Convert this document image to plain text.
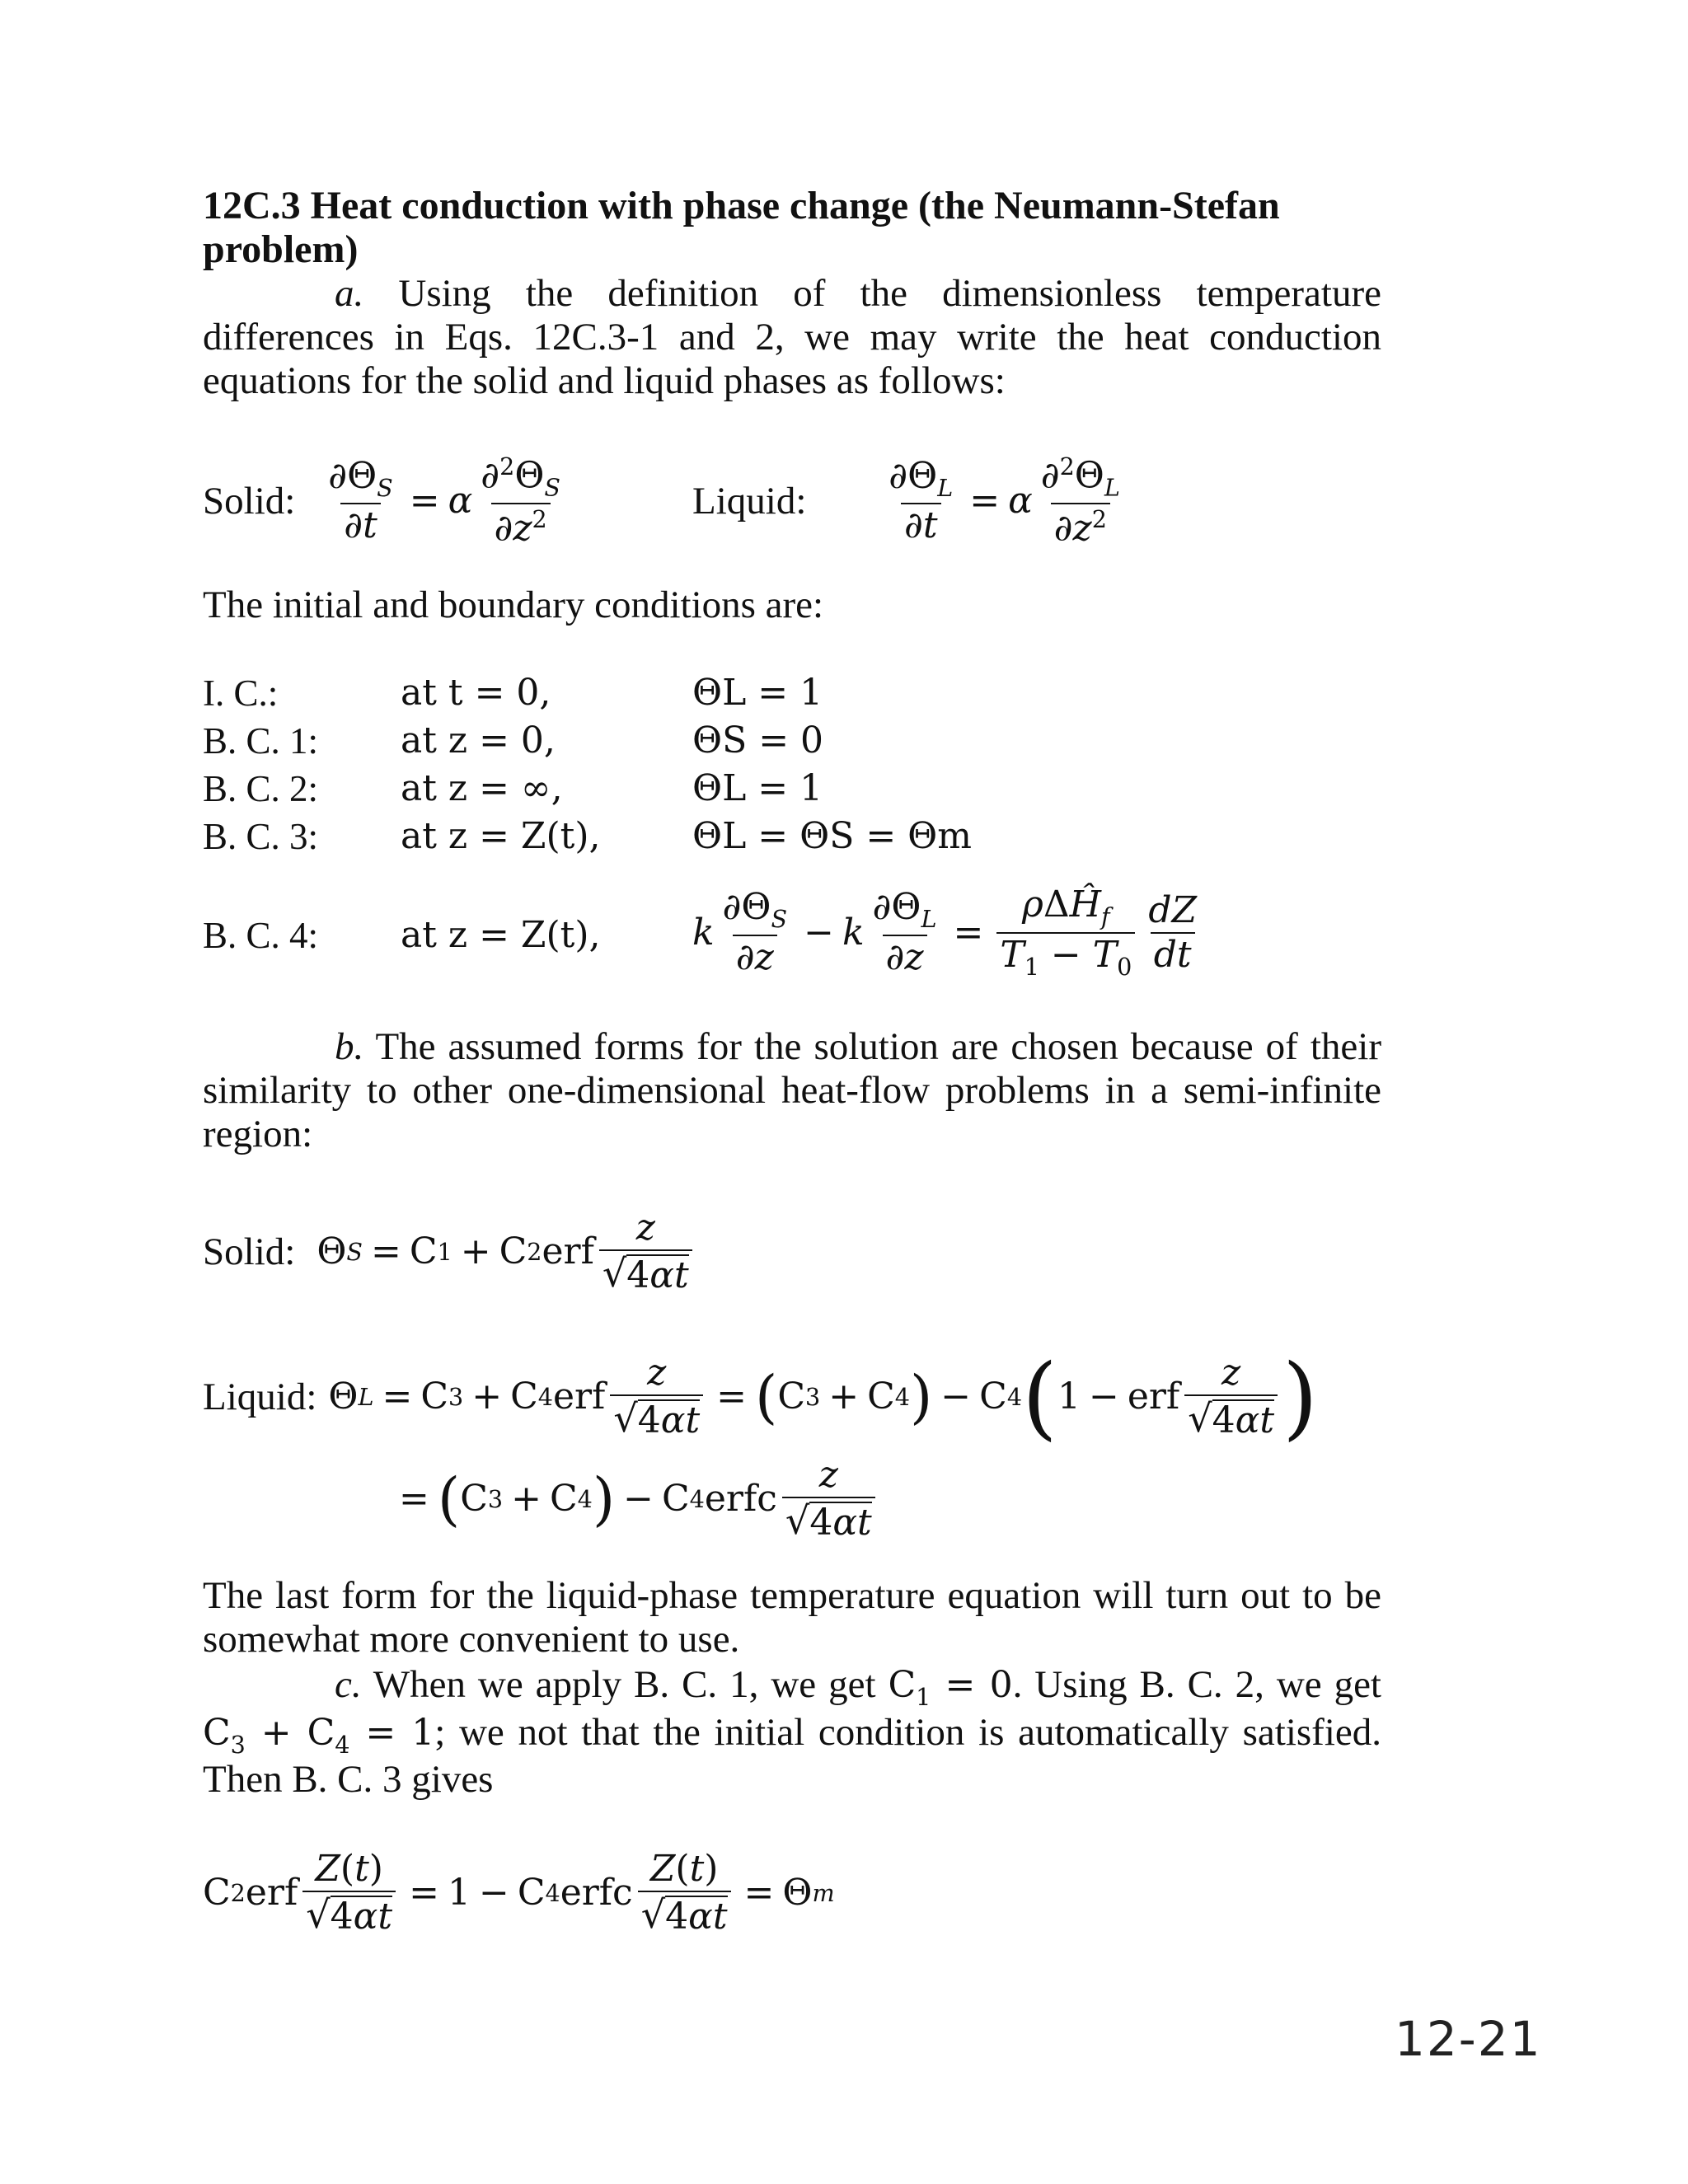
12C.3 Heat conduction with phase change (the Neumann-Stefan problem)
a. Using the definition of the dimensionless temperature differences in Eqs. 12C.3-1 and 2, we may write the heat conduction equations for the solid and liquid phases as follows:
Solid: $\frac{\partial\Theta_S}{\partial t} = \alpha \frac{\partial^2\Theta_S}{\partial z^2}$	Liquid: $\frac{\partial\Theta_L}{\partial t} = \alpha \frac{\partial^2\Theta_L}{\partial z^2}$
The initial and boundary conditions are:
I. C.:
B. C. 1:
B. C. 2:
B. C. 3:
B. C. 4:
at t = 0,
at z = 0,
at z = ∞,
at z = Z(t),
at z = Z(t),
ΘL = 1
ΘS = 0
ΘL = 1
ΘL = ΘS = Θm
k $\frac{\partial\Theta_S}{\partial z} - k \frac{\partial\Theta_L}{\partial z} = \frac{\rho\Delta Ĥ_f}{T_1 - T_0} \frac{dZ}{dt}$
b. The assumed forms for the solution are chosen because of their similarity to other one-dimensional heat-flow problems in a semi-infinite region:
Solid: Θ S = C 1 + C 2 erf $\frac{z}{√ 4\alpha t}$
Liquid: Θ L = C 3 + C 4 erf $\frac{z}{√ 4\alpha t}$ = ( C 3 + C 4 ) − C 4 ( 1 − erf $\frac{z}{√ 4\alpha t}$ )
= ( C 3 + C 4 ) − C 4 erfc $\frac{z}{√ 4\alpha t}$
The last form for the liquid-phase temperature equation will turn out to be somewhat more convenient to use.
c. When we apply B. C. 1, we get $C_1 = 0$. Using B. C. 2, we get $C_3 + C_4 = 1$; we not that the initial condition is automatically satisfied. Then B. C. 3 gives
C 2 erf $\frac{Z(t)}{√ 4\alpha t} = 1 - C$ 4 erfc $\frac{Z(t)}{√ 4\alpha t} = \Theta$ m
12-21
